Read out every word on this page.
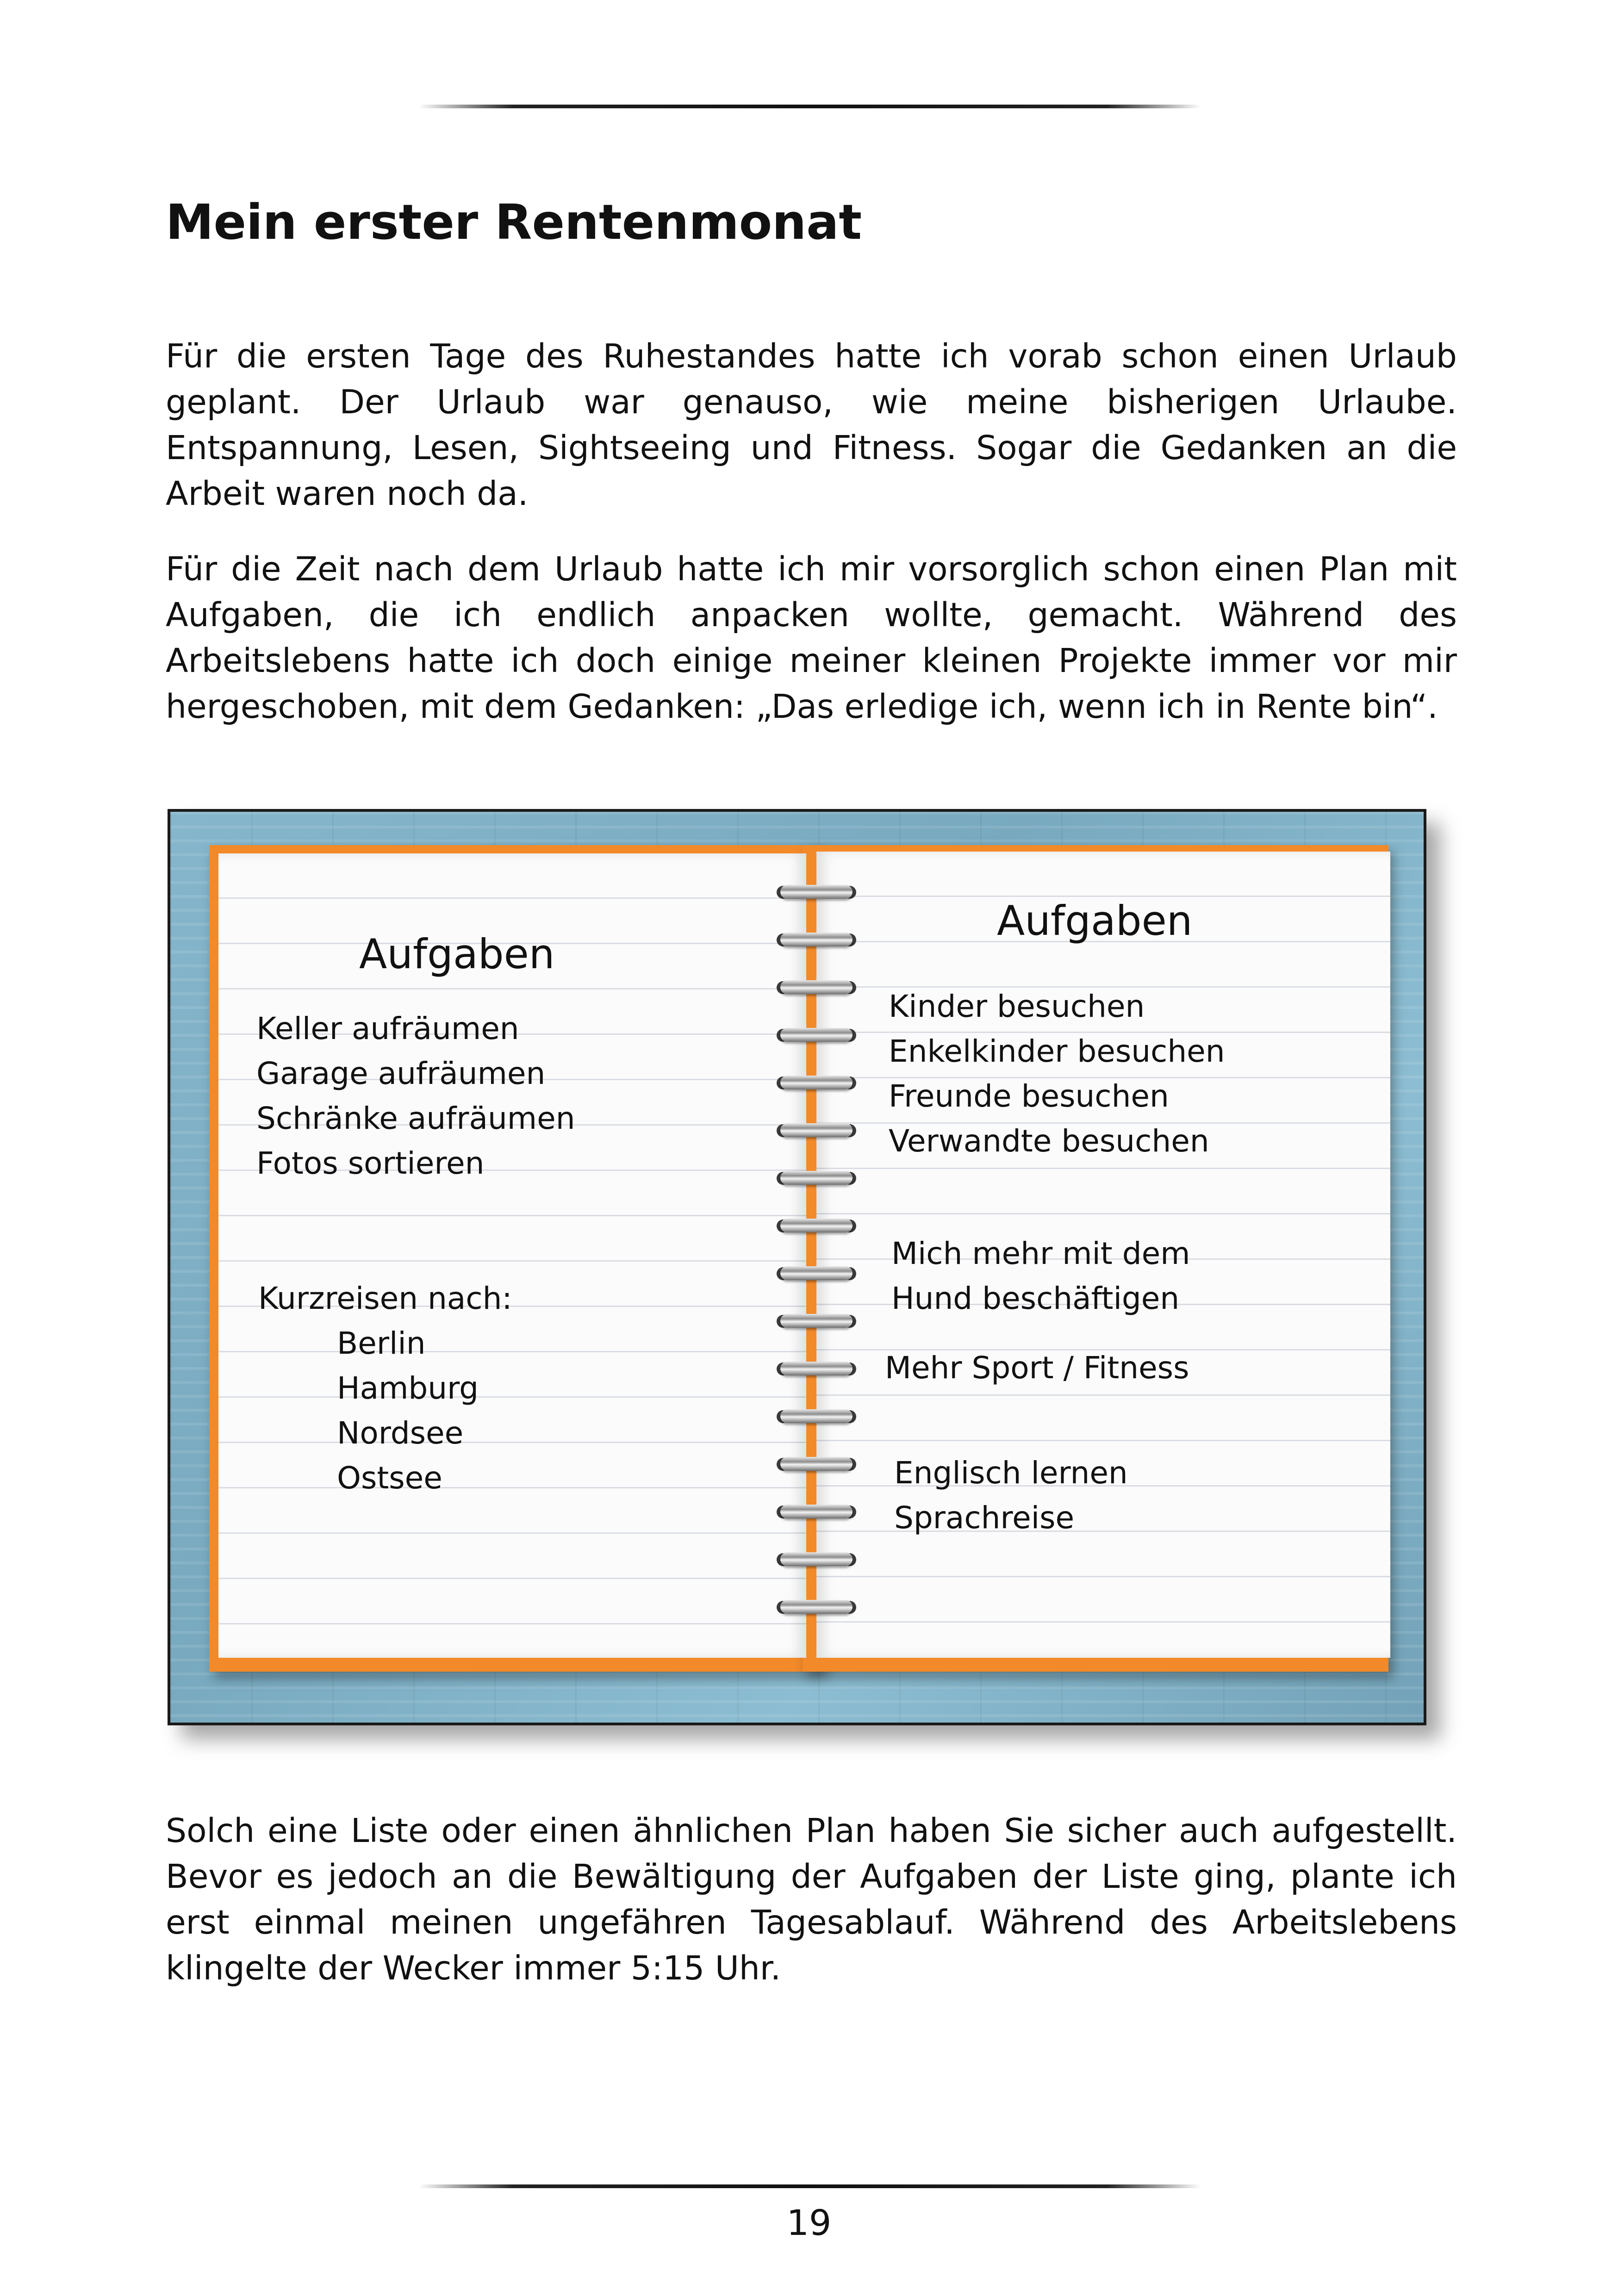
Mein erster Rentenmonat

Für die ersten Tage des Ruhestandes hatte ich vorab schon einen Urlaub geplant. Der Urlaub war genauso, wie meine bisherigen Urlaube. Entspannung, Lesen, Sightseeing und Fitness. Sogar die Gedanken an die Arbeit waren noch da.

Für die Zeit nach dem Urlaub hatte ich mir vorsorglich schon einen Plan mit Aufgaben, die ich endlich anpacken wollte, gemacht. Während des Arbeitslebens hatte ich doch einige meiner kleinen Projekte immer vor mir hergeschoben, mit dem Gedanken: „Das erledige ich, wenn ich in Rente bin“.

Aufgaben
Keller aufräumen
Garage aufräumen
Schränke aufräumen
Fotos sortieren
Kurzreisen nach:
Berlin
Hamburg
Nordsee
Ostsee
Aufgaben
Kinder besuchen
Enkelkinder besuchen
Freunde besuchen
Verwandte besuchen
Mich mehr mit dem
Hund beschäftigen
Mehr Sport / Fitness
Englisch lernen
Sprachreise

Solch eine Liste oder einen ähnlichen Plan haben Sie sicher auch aufgestellt. Bevor es jedoch an die Bewältigung der Aufgaben der Liste ging, plante ich erst einmal meinen ungefähren Tagesablauf. Während des Arbeitslebens klingelte der Wecker immer 5:15 Uhr.

19
